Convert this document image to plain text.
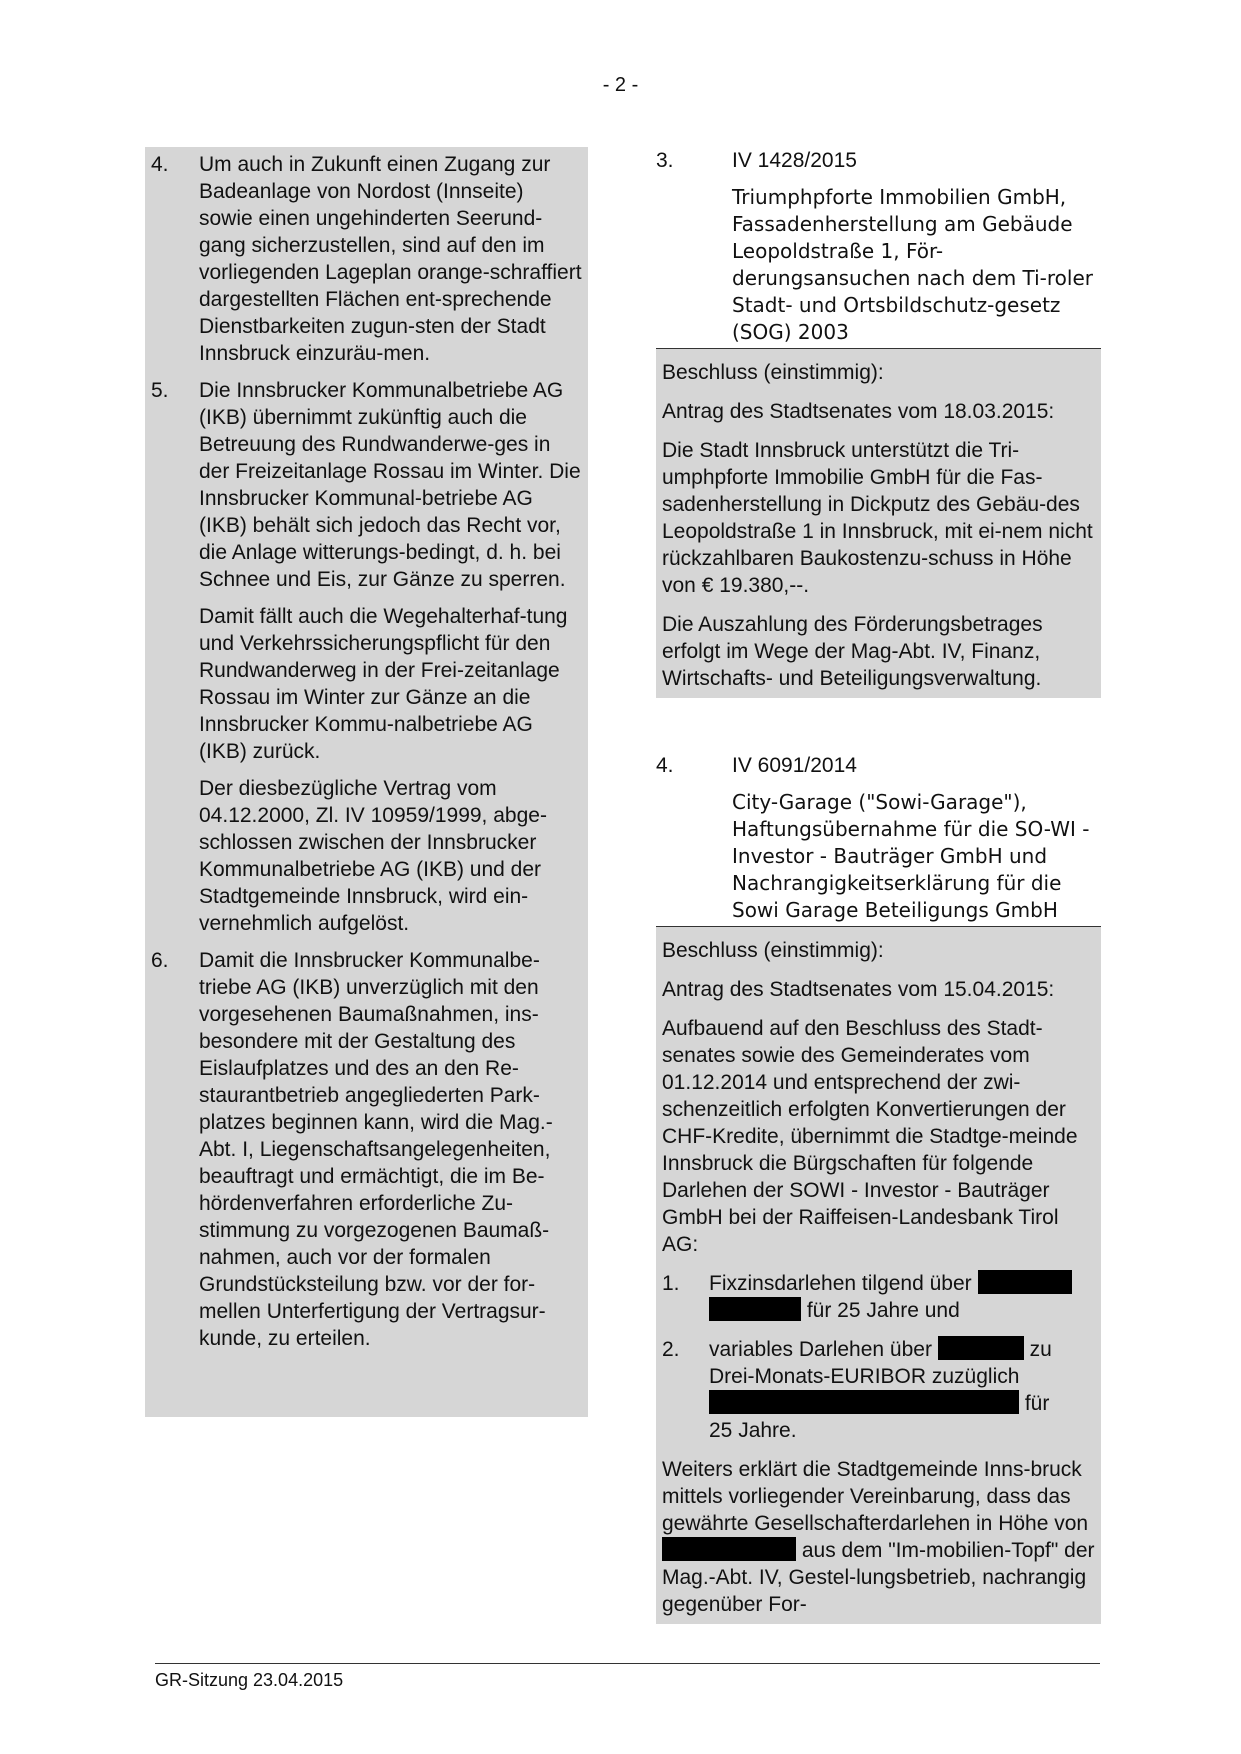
- 2 -
4.	Um auch in Zukunft einen Zugang zur Badeanlage von Nordost (Innseite) sowie einen ungehinderten Seerund-gang sicherzustellen, sind auf den im vorliegenden Lageplan orange-schraffiert dargestellten Flächen ent-sprechende Dienstbarkeiten zugun-sten der Stadt Innsbruck einzuräu-men.

5.	Die Innsbrucker Kommunalbetriebe AG (IKB) übernimmt zukünftig auch die Betreuung des Rundwanderwe-ges in der Freizeitanlage Rossau im Winter. Die Innsbrucker Kommunal-betriebe AG (IKB) behält sich jedoch das Recht vor, die Anlage witterungs-bedingt, d. h. bei Schnee und Eis, zur Gänze zu sperren.

Damit fällt auch die Wegehalterhaf-tung und Verkehrssicherungspflicht für den Rundwanderweg in der Frei-zeitanlage Rossau im Winter zur Gänze an die Innsbrucker Kommu-nalbetriebe AG (IKB) zurück.

Der diesbezügliche Vertrag vom 04.12.2000, Zl. IV 10959/1999, abge-schlossen zwischen der Innsbrucker Kommunalbetriebe AG (IKB) und der Stadtgemeinde Innsbruck, wird ein-vernehmlich aufgelöst.

6.	Damit die Innsbrucker Kommunalbe-triebe AG (IKB) unverzüglich mit den vorgesehenen Baumaßnahmen, ins-besondere mit der Gestaltung des Eislaufplatzes und des an den Re-staurantbetrieb angegliederten Park-platzes beginnen kann, wird die Mag.-Abt. I, Liegenschaftsangelegenheiten, beauftragt und ermächtigt, die im Be-hördenverfahren erforderliche Zu-stimmung zu vorgezogenen Baumaß-nahmen, auch vor der formalen Grundstücksteilung bzw. vor der for-mellen Unterfertigung der Vertragsur-kunde, zu erteilen.

3.	IV 1428/2015
Triumphpforte Immobilien GmbH, Fassadenherstellung am Gebäude Leopoldstraße 1, För-derungsansuchen nach dem Ti-roler Stadt- und Ortsbildschutz-gesetz (SOG) 2003

Beschluss (einstimmig):

Antrag des Stadtsenates vom 18.03.2015:

Die Stadt Innsbruck unterstützt die Tri-umphpforte Immobilie GmbH für die Fas-sadenherstellung in Dickputz des Gebäu-des Leopoldstraße 1 in Innsbruck, mit ei-nem nicht rückzahlbaren Baukostenzu-schuss in Höhe von € 19.380,--.

Die Auszahlung des Förderungsbetrages erfolgt im Wege der Mag-Abt. IV, Finanz, Wirtschafts- und Beteiligungsverwaltung.

4.	IV 6091/2014
City-Garage ("Sowi-Garage"), Haftungsübernahme für die SO-WI - Investor - Bauträger GmbH und Nachrangigkeitserklärung für die Sowi Garage Beteiligungs GmbH

Beschluss (einstimmig):

Antrag des Stadtsenates vom 15.04.2015:

Aufbauend auf den Beschluss des Stadt-senates sowie des Gemeinderates vom 01.12.2014 und entsprechend der zwi-schenzeitlich erfolgten Konvertierungen der CHF-Kredite, übernimmt die Stadtge-meinde Innsbruck die Bürgschaften für folgende Darlehen der SOWI - Investor - Bauträger GmbH bei der Raiffeisen-Landesbank Tirol AG:

1.	Fixzinsdarlehen tilgend über
für 25 Jahre und
2.	variables Darlehen über	zu Drei-Monats-EURIBOR zuzüglich
für
25 Jahre.

Weiters erklärt die Stadtgemeinde Inns-bruck mittels vorliegender Vereinbarung, dass das gewährte Gesellschafterdarlehen in Höhe von  aus dem "Im-mobilien-Topf" der Mag.-Abt. IV, Gestel-lungsbetrieb, nachrangig gegenüber For-

GR-Sitzung 23.04.2015
